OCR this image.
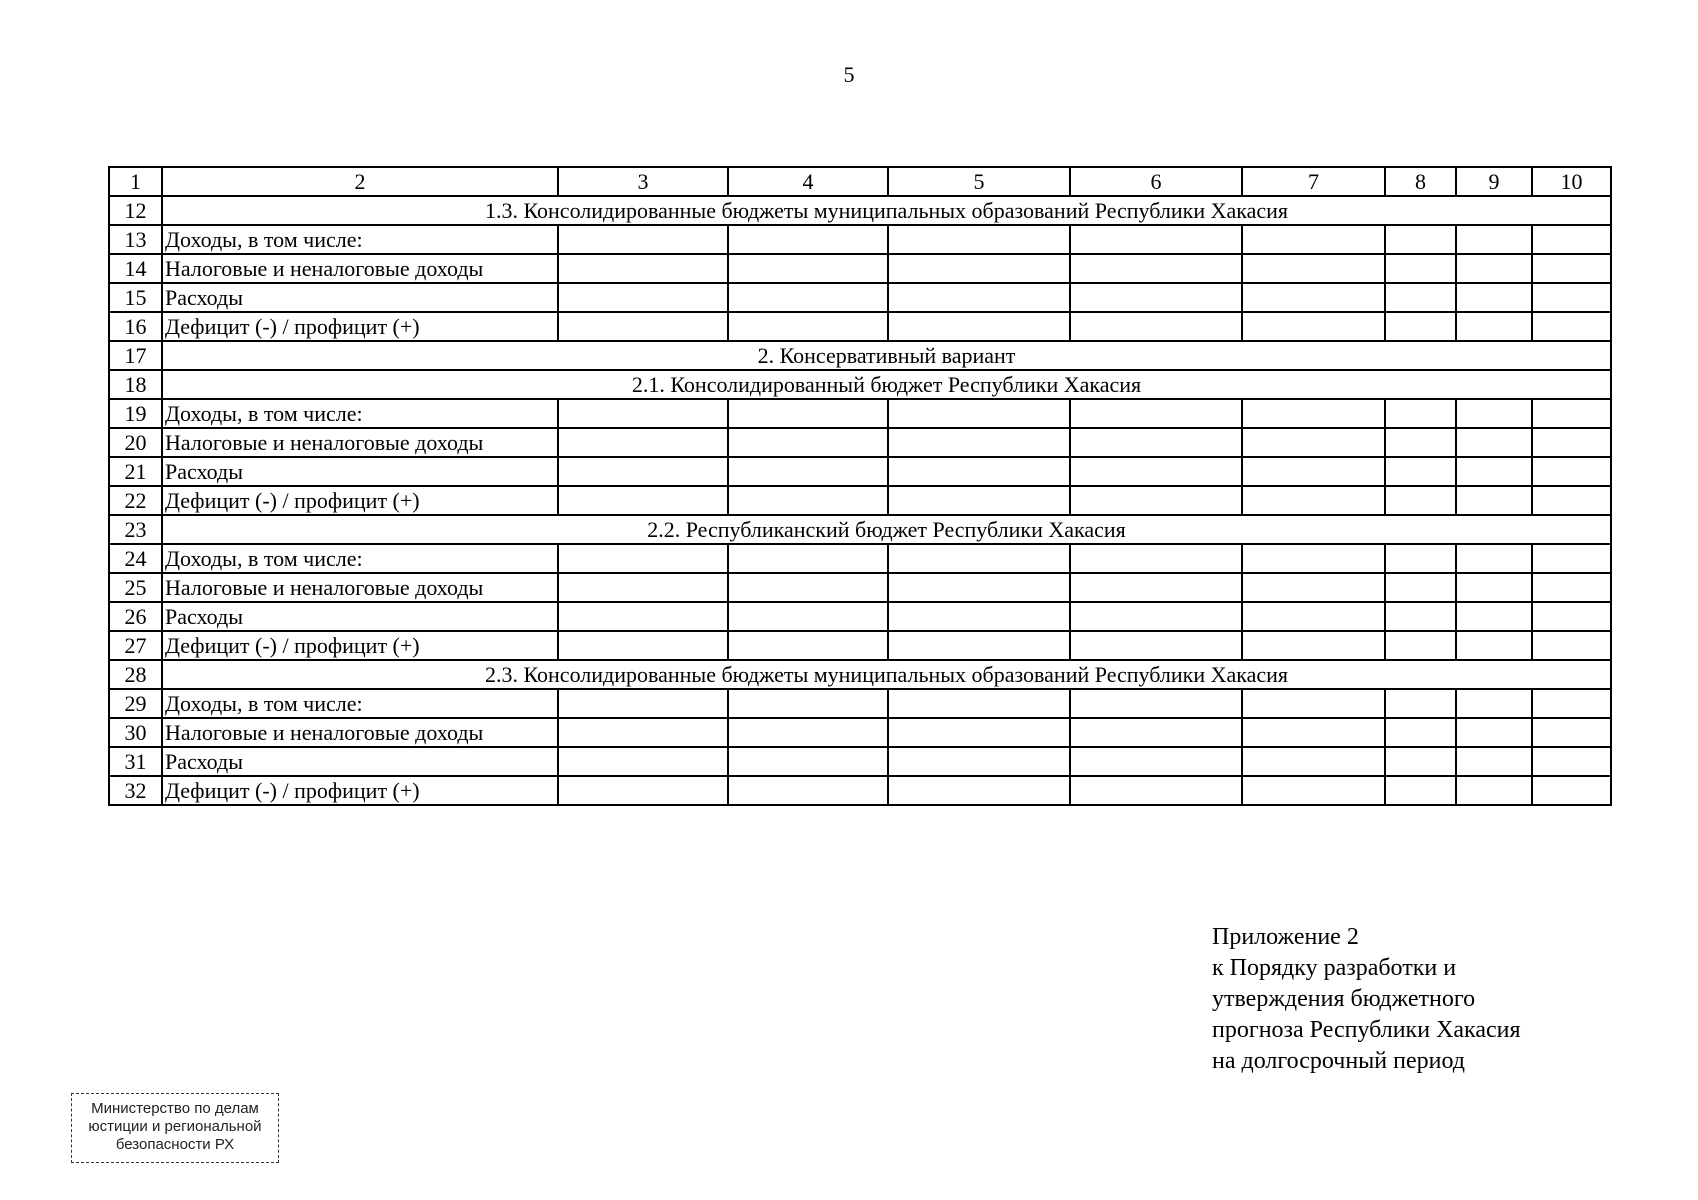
5
1	2	3	4	5	6	7	8	9	10
12	1.3. Консолидированные бюджеты муниципальных образований Республики Хакасия								
13	Доходы, в том числе:								
14	Налоговые и неналоговые доходы								
15	Расходы								
16	Дефицит (-) / профицит (+)								
17	2. Консервативный вариант								
18	2.1. Консолидированный бюджет Республики Хакасия								
19	Доходы, в том числе:								
20	Налоговые и неналоговые доходы								
21	Расходы								
22	Дефицит (-) / профицит (+)								
23	2.2. Республиканский бюджет Республики Хакасия								
24	Доходы, в том числе:								
25	Налоговые и неналоговые доходы								
26	Расходы								
27	Дефицит (-) / профицит (+)								
28	2.3. Консолидированные бюджеты муниципальных образований Республики Хакасия								
29	Доходы, в том числе:								
30	Налоговые и неналоговые доходы								
31	Расходы								
32	Дефицит (-) / профицит (+)								
Приложение 2
к Порядку разработки и
утверждения бюджетного
прогноза Республики Хакасия
на долгосрочный период
Министерство по делам
юстиции и региональной
безопасности РХ
